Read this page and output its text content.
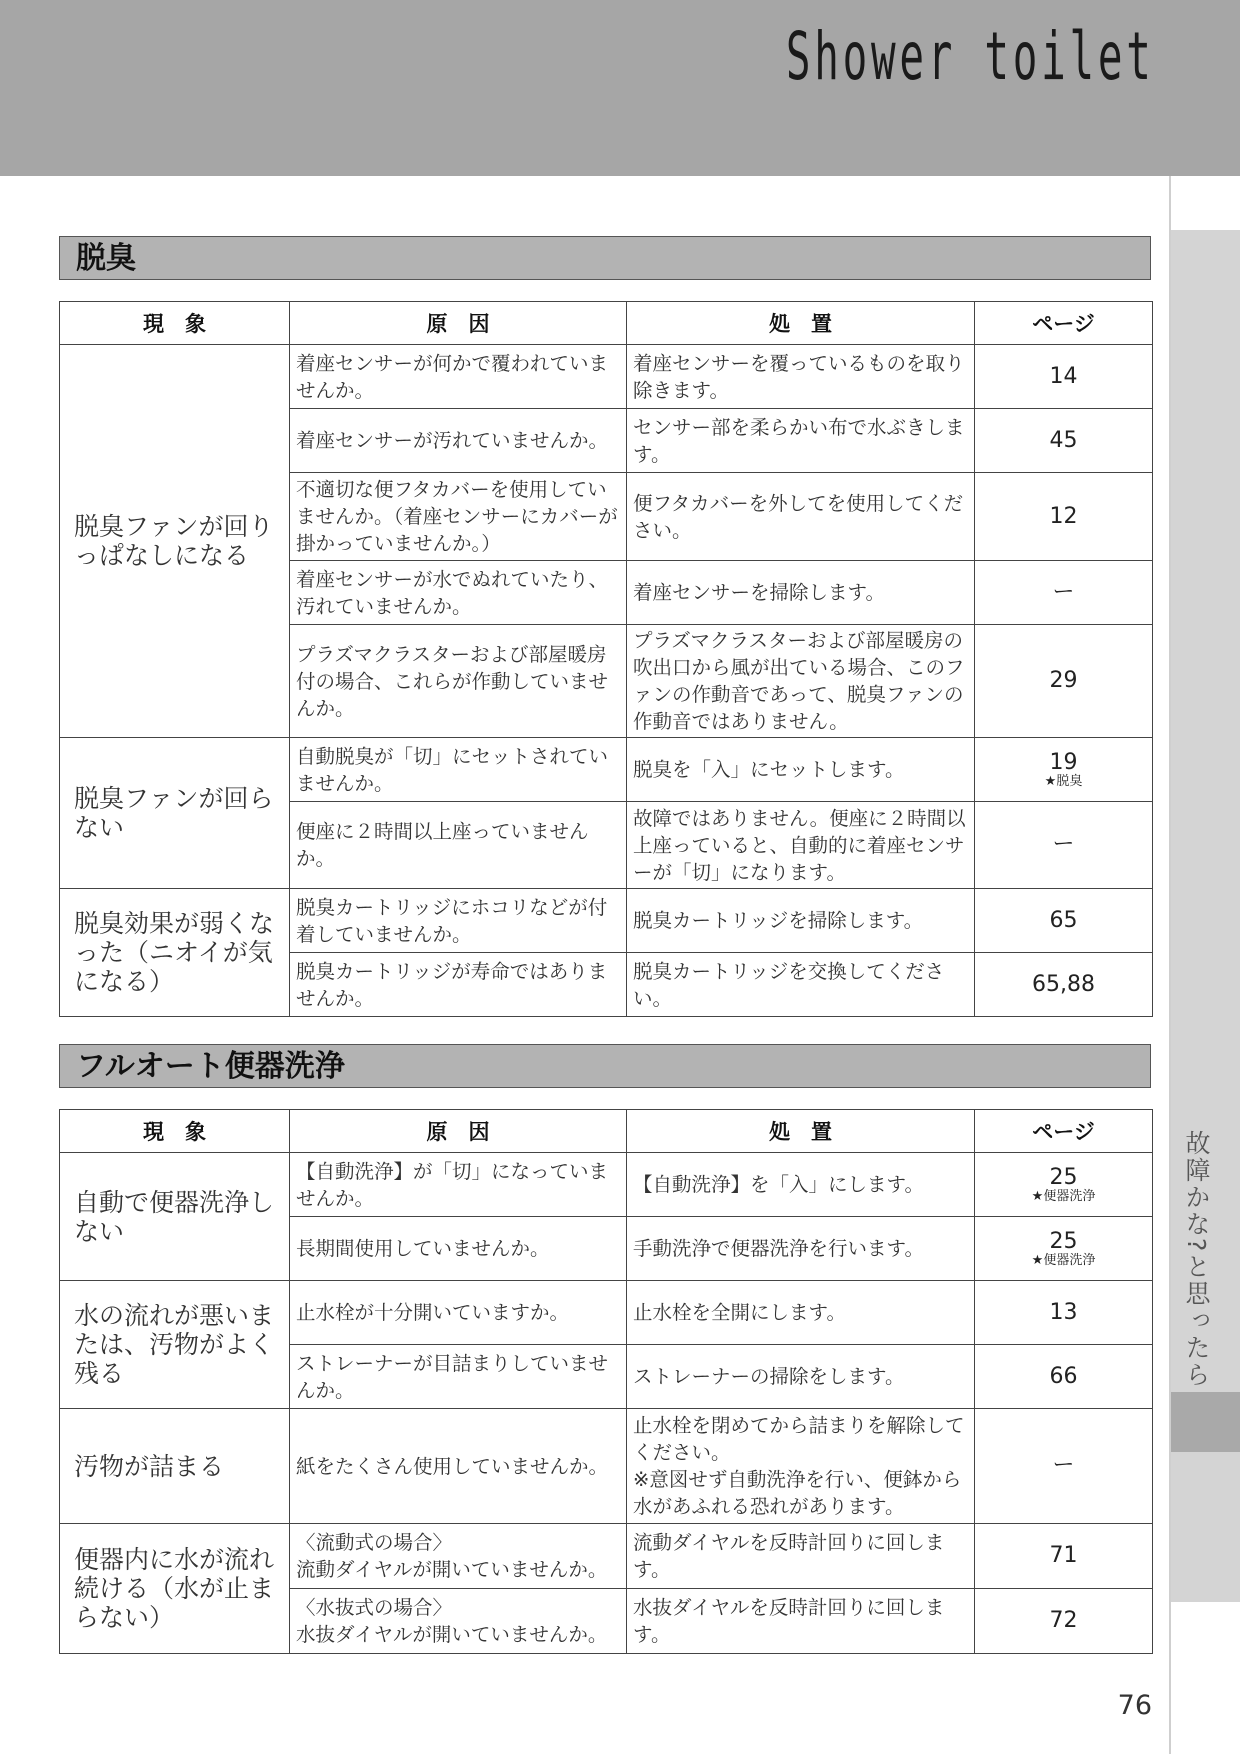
Shower toilet
故障かな?と思ったら
脱臭
現　象	原　因	処　置	ページ
脱臭ファンが回りっぱなしになる	着座センサーが何かで覆われていませんか。	着座センサーを覆っているものを取り除きます。	14

	着座センサーが汚れていませんか。	センサー部を柔らかい布で水ぶきします。	45

	不適切な便フタカバーを使用していませんか。（着座センサーにカバーが掛かっていませんか。）	便フタカバーを外してを使用してください。	12

	着座センサーが水でぬれていたり、汚れていませんか。	着座センサーを掃除します。	ー

	プラズマクラスターおよび部屋暖房付の場合、これらが作動していませんか。	プラズマクラスターおよび部屋暖房の吹出口から風が出ている場合、このファンの作動音であって、脱臭ファンの作動音ではありません。	29

脱臭ファンが回らない	自動脱臭が「切」にセットされていませんか。	脱臭を「入」にセットします。	19
★脱臭

	便座に２時間以上座っていませんか。	故障ではありません。便座に２時間以上座っていると、自動的に着座センサーが「切」になります。	ー

脱臭効果が弱くなった（ニオイが気になる）	脱臭カートリッジにホコリなどが付着していませんか。	脱臭カートリッジを掃除します。	65

	脱臭カートリッジが寿命ではありませんか。	脱臭カートリッジを交換してください。	65,88
フルオート便器洗浄
現　象	原　因	処　置	ページ
自動で便器洗浄しない	【自動洗浄】が「切」になっていませんか。	【自動洗浄】を「入」にします。	25
★便器洗浄

	長期間使用していませんか。	手動洗浄で便器洗浄を行います。	25
★便器洗浄

水の流れが悪いまたは、汚物がよく残る	止水栓が十分開いていますか。	止水栓を全開にします。	13

	ストレーナーが目詰まりしていませんか。	ストレーナーの掃除をします。	66

汚物が詰まる	紙をたくさん使用していませんか。	止水栓を閉めてから詰まりを解除してください。
※意図せず自動洗浄を行い、便鉢から水があふれる恐れがあります。	ー

便器内に水が流れ続ける（水が止まらない）	〈流動式の場合〉
流動ダイヤルが開いていませんか。	流動ダイヤルを反時計回りに回します。	71

	〈水抜式の場合〉
水抜ダイヤルが開いていませんか。	水抜ダイヤルを反時計回りに回します。	72
76
